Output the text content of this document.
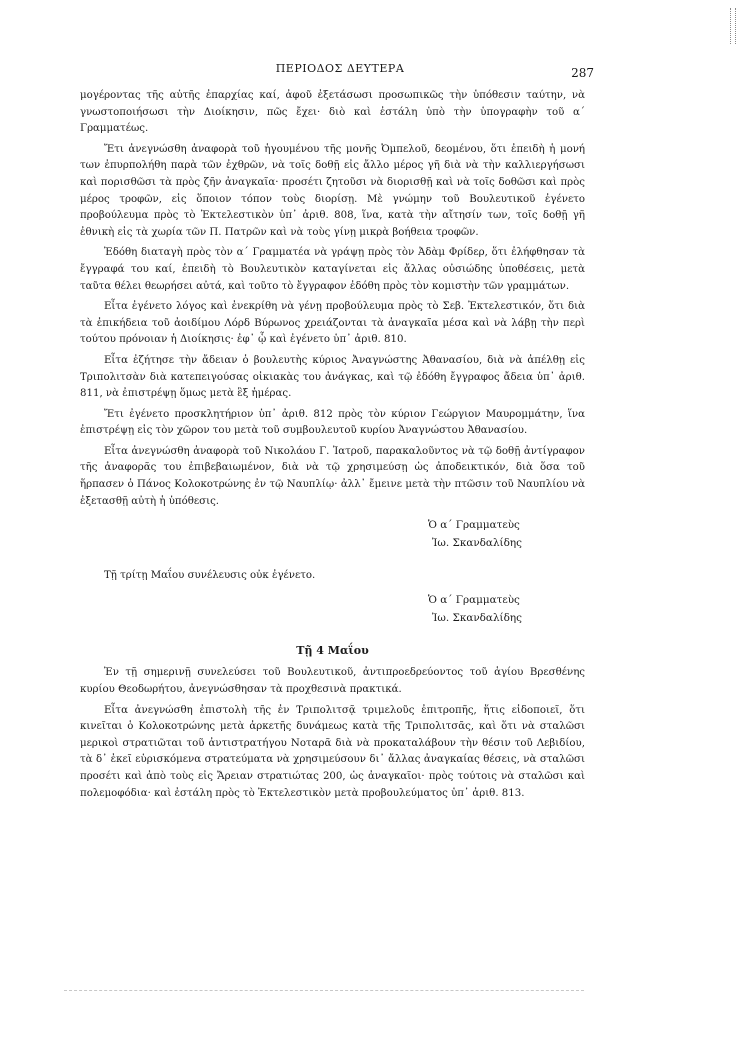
ΠΕΡΙΟΔΟΣ ΔΕΥΤΕΡΑ	287

μογέροντας τῆς αὐτῆς ἐπαρχίας καί, ἀφοῦ ἐξετάσωσι προσωπικῶς τὴν ὑπόθεσιν ταύτην, νὰ γνωστοποιήσωσι τὴν Διοίκησιν, πῶς ἔχει· διὸ καὶ ἐστάλη ὑπὸ τὴν ὑπογραφὴν τοῦ α΄ Γραμματέως.

Ἔτι ἀνεγνώσθη ἀναφορὰ τοῦ ἡγουμένου τῆς μονῆς Ὀμπελοῦ, δεομένου, ὅτι ἐπειδὴ ἡ μονή των ἐπυρπολήθη παρὰ τῶν ἐχθρῶν, νὰ τοῖς δοθῇ εἰς ἄλλο μέρος γῆ διὰ νὰ τὴν καλλιεργήσωσι καὶ πορισθῶσι τὰ πρὸς ζῆν ἀναγκαῖα· προσέτι ζητοῦσι νὰ διορισθῇ καὶ νὰ τοῖς δοθῶσι καὶ πρὸς μέρος τροφῶν, εἰς ὅποιον τόπον τοὺς διορίσῃ. Μὲ γνώμην τοῦ Βουλευτικοῦ ἐγένετο προβούλευμα πρὸς τὸ Ἐκτελεστικὸν ὑπ᾿ ἀριθ. 808, ἵνα, κατὰ τὴν αἴτησίν των, τοῖς δοθῇ γῆ ἐθνικὴ εἰς τὰ χωρία τῶν Π. Πατρῶν καὶ νὰ τοὺς γίνῃ μικρὰ βοήθεια τροφῶν.

Ἐδόθη διαταγὴ πρὸς τὸν α΄ Γραμματέα νὰ γράψῃ πρὸς τὸν Ἀδὰμ Φρίδερ, ὅτι ἐλήφθησαν τὰ ἔγγραφά του καί, ἐπειδὴ τὸ Βουλευτικὸν καταγίνεται εἰς ἄλλας οὐσιώδης ὑποθέσεις, μετὰ ταῦτα θέλει θεωρήσει αὐτά, καὶ τοῦτο τὸ ἔγγραφον ἐδόθη πρὸς τὸν κομιστὴν τῶν γραμμάτων.

Εἶτα ἐγένετο λόγος καὶ ἐνεκρίθη νὰ γένῃ προβούλευμα πρὸς τὸ Σεβ. Ἐκτελεστικόν, ὅτι διὰ τὰ ἐπικήδεια τοῦ ἀοιδίμου Λόρδ Βύρωνος χρειάζονται τὰ ἀναγκαῖα μέσα καὶ νὰ λάβῃ τὴν περὶ τούτου πρόνοιαν ἡ Διοίκησις· ἐφ᾿ ᾧ καὶ ἐγένετο ὑπ᾿ ἀριθ. 810.

Εἶτα ἐζήτησε τὴν ἄδειαν ὁ βουλευτὴς κύριος Ἀναγνώστης Ἀθανασίου, διὰ νὰ ἀπέλθῃ εἰς Τριπολιτσὰν διὰ κατεπειγούσας οἰκιακὰς του ἀνάγκας, καὶ τῷ ἐδόθη ἔγγραφος ἄδεια ὑπ᾿ ἀριθ. 811, νὰ ἐπιστρέψῃ ὅμως μετὰ ἓξ ἡμέρας.

Ἔτι ἐγένετο προσκλητήριον ὑπ᾿ ἀριθ. 812 πρὸς τὸν κύριον Γεώργιον Μαυρομμάτην, ἵνα ἐπιστρέψῃ εἰς τὸν χῶρον του μετὰ τοῦ συμβουλευτοῦ κυρίου Ἀναγνώστου Ἀθανασίου.

Εἶτα ἀνεγνώσθη ἀναφορὰ τοῦ Νικολάου Γ. Ἰατροῦ, παρακαλοῦντος νὰ τῷ δοθῇ ἀντίγραφον τῆς ἀναφορᾶς του ἐπιβεβαιωμένον, διὰ νὰ τῷ χρησιμεύσῃ ὡς ἀποδεικτικόν, διὰ ὅσα τοῦ ἥρπασεν ὁ Πάνος Κολοκοτρώνης ἐν τῷ Ναυπλίῳ· ἀλλ᾿ ἔμεινε μετὰ τὴν πτῶσιν τοῦ Ναυπλίου νὰ ἐξετασθῇ αὐτὴ ἡ ὑπόθεσις.

Ὁ α΄ Γραμματεὺς
Ἰω. Σκανδαλίδης

Τῇ τρίτῃ Μαΐου συνέλευσις οὐκ ἐγένετο.

Ὁ α΄ Γραμματεὺς
Ἰω. Σκανδαλίδης
Τῇ 4 Μαΐου

Ἐν τῇ σημερινῇ συνελεύσει τοῦ Βουλευτικοῦ, ἀντιπροεδρεύοντος τοῦ ἁγίου Βρεσθένης κυρίου Θεοδωρήτου, ἀνεγνώσθησαν τὰ προχθεσινὰ πρακτικά.

Εἶτα ἀνεγνώσθη ἐπιστολὴ τῆς ἐν Τριπολιτσᾷ τριμελοῦς ἐπιτροπῆς, ἥτις εἰδοποιεῖ, ὅτι κινεῖται ὁ Κολοκοτρώνης μετὰ ἀρκετῆς δυνάμεως κατὰ τῆς Τριπολιτσᾶς, καὶ ὅτι νὰ σταλῶσι μερικοὶ στρατιῶται τοῦ ἀντιστρατήγου Νοταρᾶ διὰ νὰ προκαταλάβουν τὴν θέσιν τοῦ Λεβιδίου, τὰ δ᾿ ἐκεῖ εὑρισκόμενα στρατεύματα νὰ χρησιμεύσουν δι᾿ ἄλλας ἀναγκαίας θέσεις, νὰ σταλῶσι προσέτι καὶ ἀπὸ τοὺς εἰς Ἄρειαν στρατιώτας 200, ὡς ἀναγκαῖοι· πρὸς τούτοις νὰ σταλῶσι καὶ πολεμοφόδια· καὶ ἐστάλη πρὸς τὸ Ἐκτελεστικὸν μετὰ προβουλεύματος ὑπ᾿ ἀριθ. 813.
